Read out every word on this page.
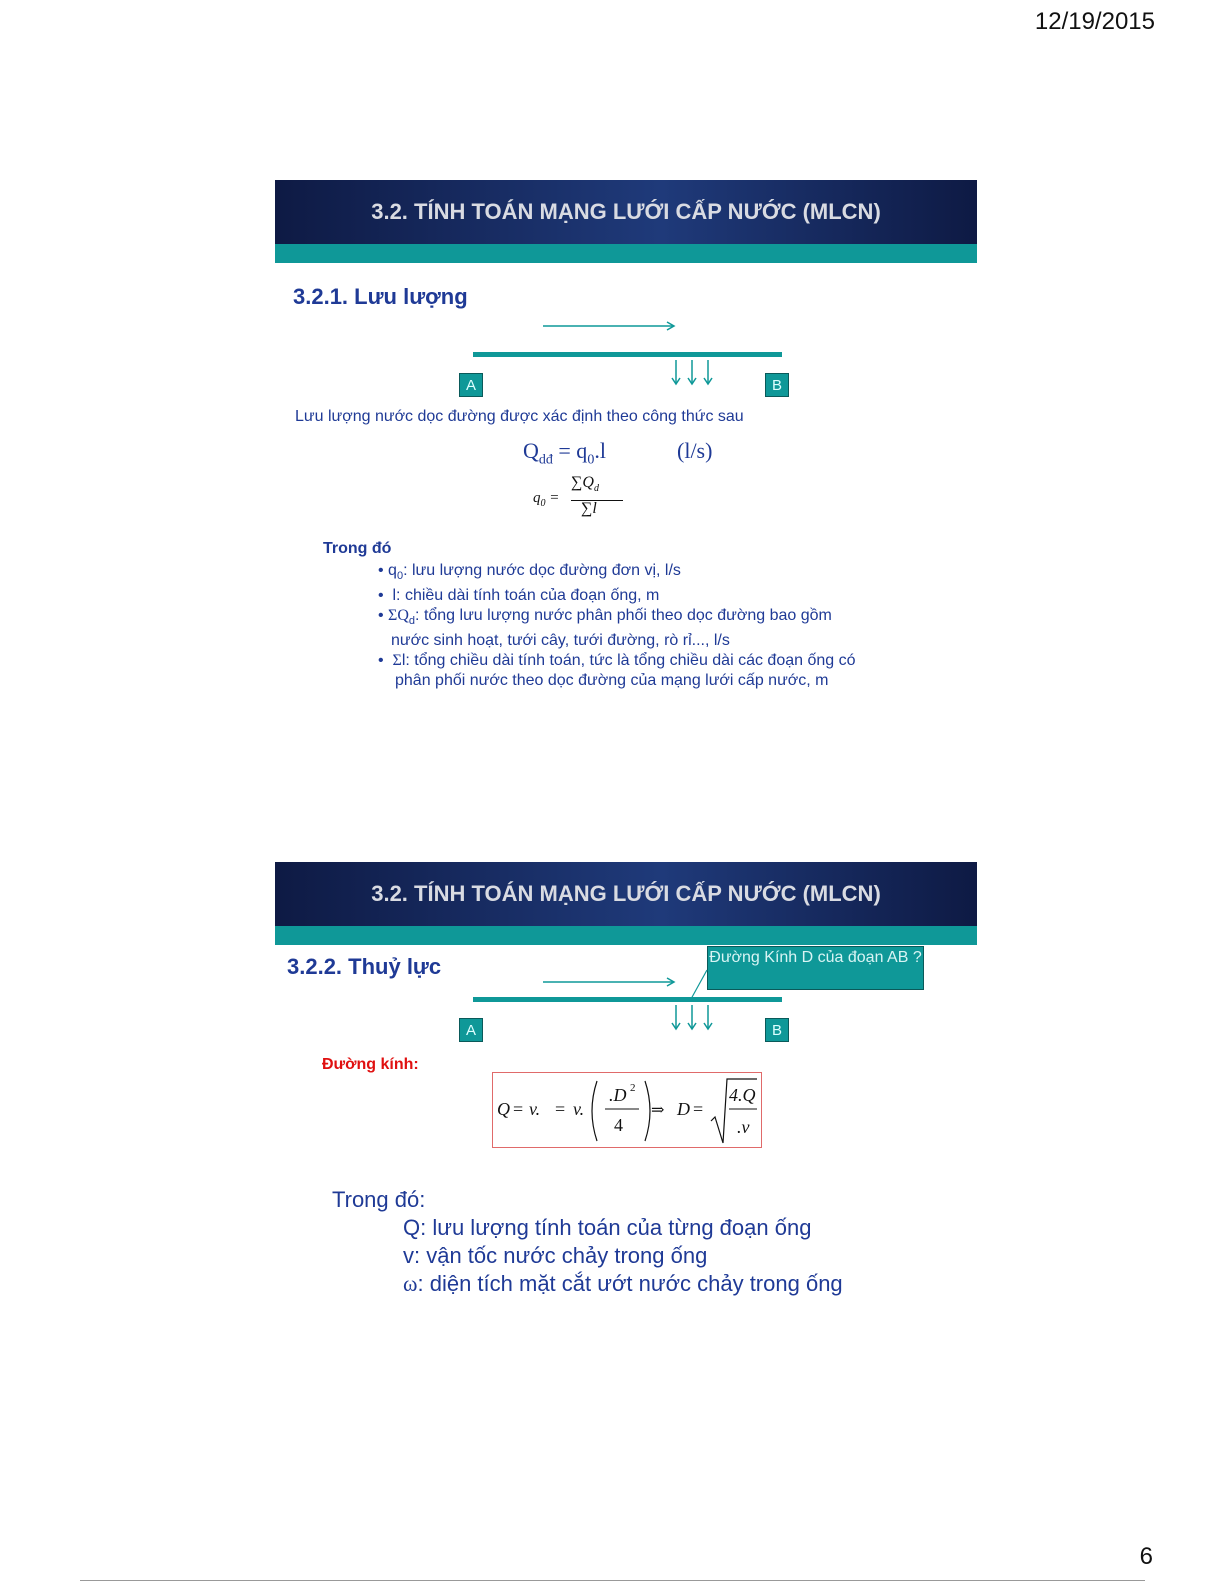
12/19/2015
3.2. TÍNH TOÁN MẠNG LƯỚI CẤP NƯỚC (MLCN)
3.2.1. Lưu lượng
A	B
Lưu lượng nước dọc đường được xác định theo công thức sau
$Q_{dđ} = q_0.l$	(l/s)
$q_0$ =
$\sum Q_d$
∑l
Trong đó
• $q_0$: lưu lượng nước dọc đường đơn vị, l/s
•  l: chiều dài tính toán của đoạn ống, m
• $\Sigma Q_d$: tổng lưu lượng nước phân phối theo dọc đường bao gồm
nước sinh hoạt, tưới cây, tưới đường, rò rỉ..., l/s
•  Σl: tổng chiều dài tính toán, tức là tổng chiều dài các đoạn ống có
phân phối nước theo dọc đường của mạng lưới cấp nước, m
3.2. TÍNH TOÁN MẠNG LƯỚI CẤP NƯỚC (MLCN)
3.2.2. Thuỷ lực	Đường Kính D của đoạn AB ?
A	B
Đường kính:
Q = v. = v.
.D 2
4
⇒ D =
4.Q
.v
Trong đó:
Q: lưu lượng tính toán của từng đoạn ống
v: vận tốc nước chảy trong ống
ω: diện tích mặt cắt ướt nước chảy trong ống
6
